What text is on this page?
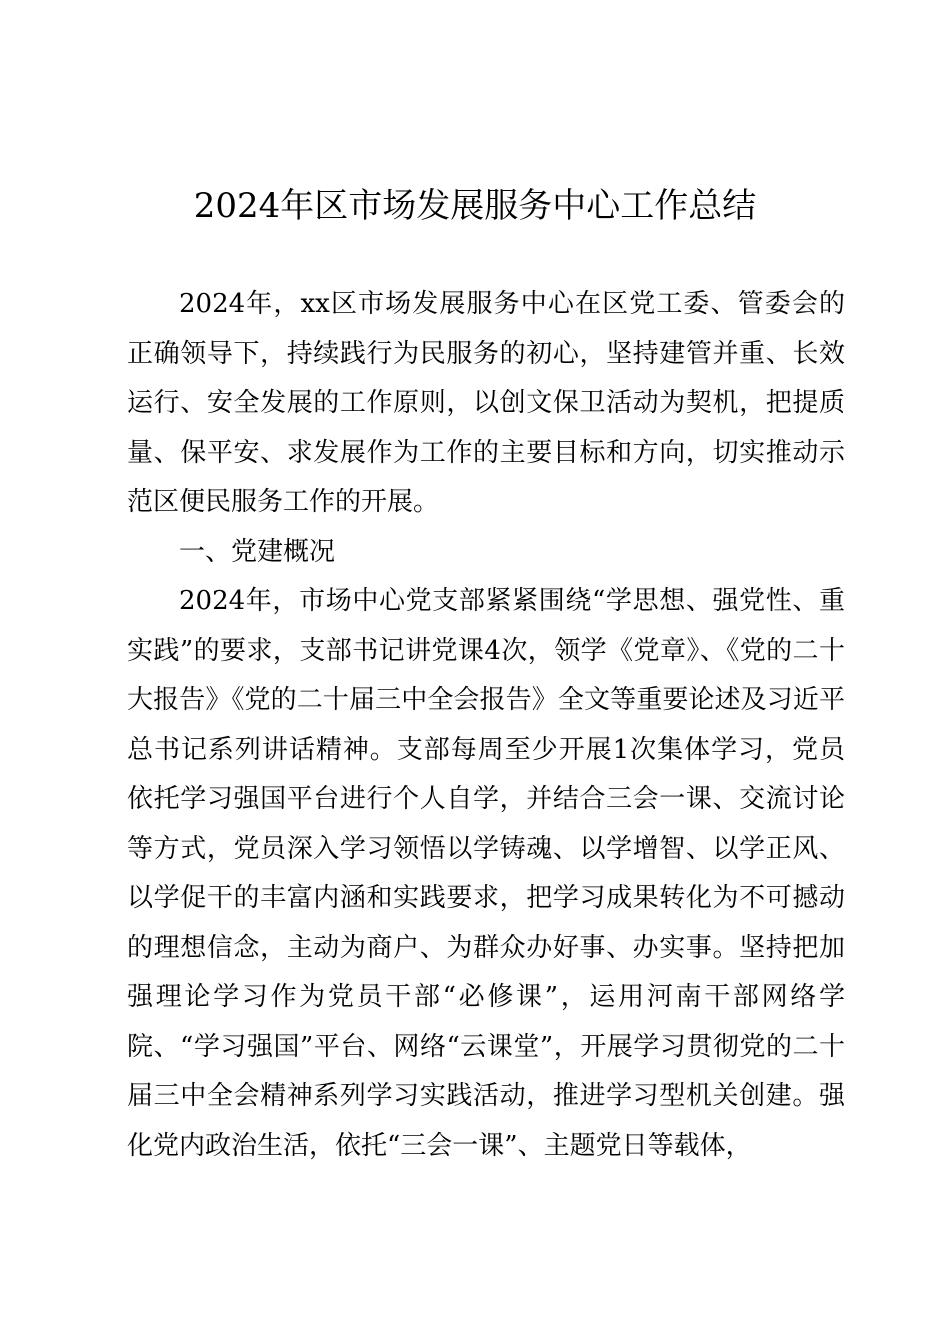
2024年区市场发展服务中心工作总结

2024年，xx区市场发展服务中心在区党工委、管委会的正确领导下，持续践行为民服务的初心，坚持建管并重、长效运行、安全发展的工作原则，以创文保卫活动为契机，把提质量、保平安、求发展作为工作的主要目标和方向，切实推动示范区便民服务工作的开展。

一、党建概况

2024年，市场中心党支部紧紧围绕“学思想、强党性、重实践”的要求，支部书记讲党课4次，领学《党章》、《党的二十大报告》《党的二十届三中全会报告》全文等重要论述及习近平总书记系列讲话精神。支部每周至少开展1次集体学习，党员依托学习强国平台进行个人自学，并结合三会一课、交流讨论等方式，党员深入学习领悟以学铸魂、以学增智、以学正风、以学促干的丰富内涵和实践要求，把学习成果转化为不可撼动的理想信念，主动为商户、为群众办好事、办实事。坚持把加强理论学习作为党员干部“必修课”，运用河南干部网络学院、“学习强国”平台、网络“云课堂”，开展学习贯彻党的二十届三中全会精神系列学习实践活动，推进学习型机关创建。强化党内政治生活，依托“三会一课”、主题党日等载体，
